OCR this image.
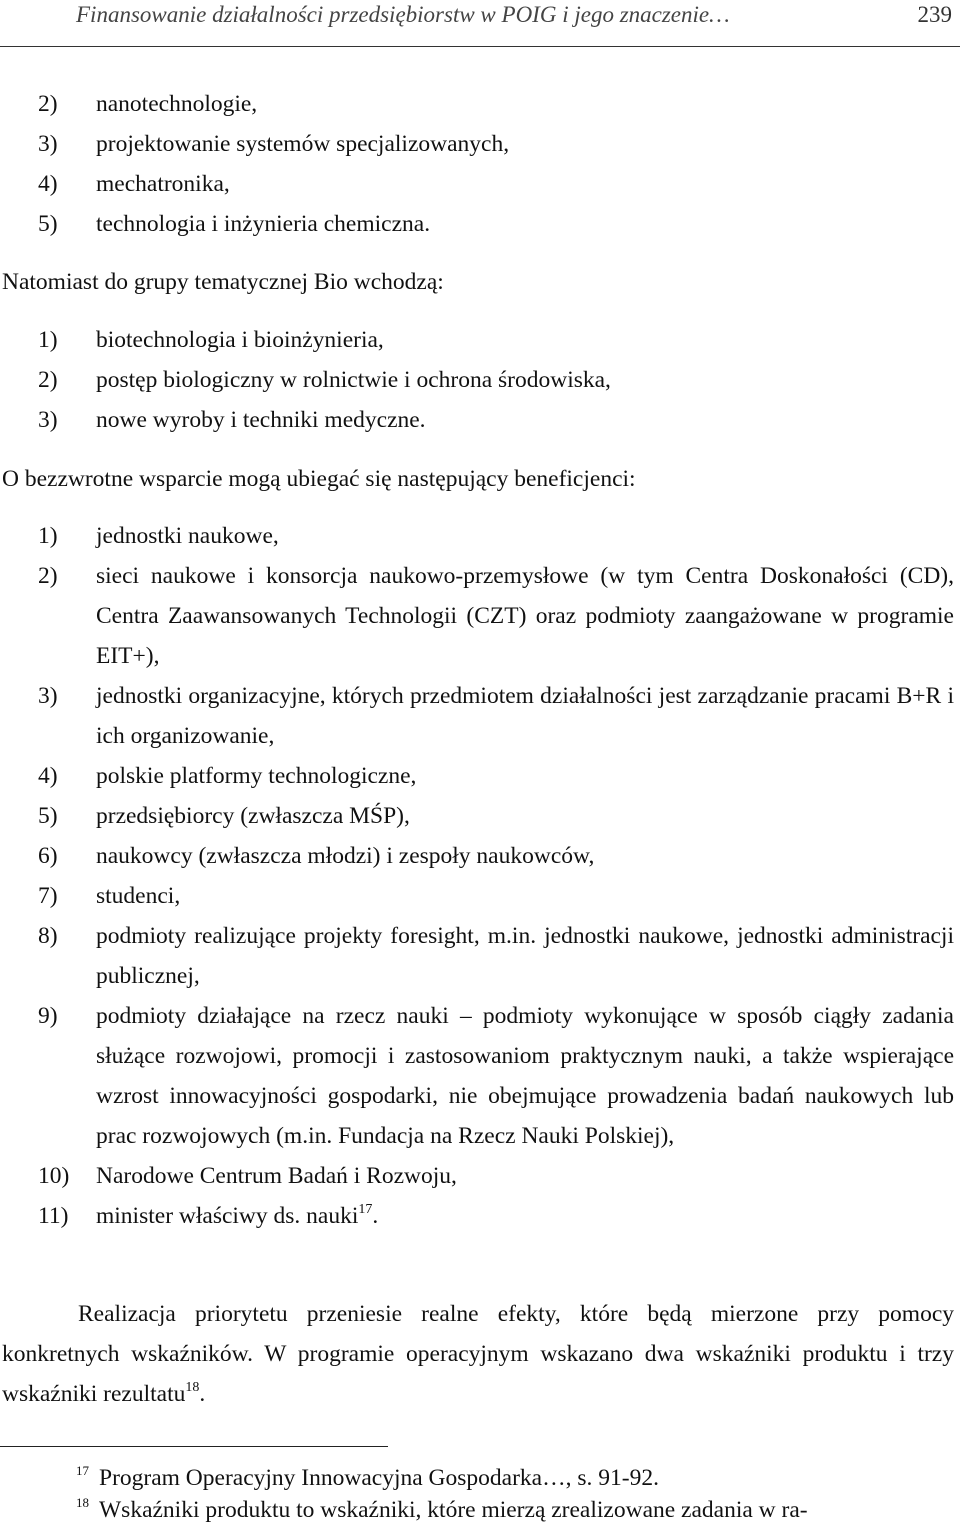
Finansowanie działalności przedsiębiorstw w POIG i jego znaczenie…	239
2) nanotechnologie,
3) projektowanie systemów specjalizowanych,
4) mechatronika,
5) technologia i inżynieria chemiczna.

Natomiast do grupy tematycznej Bio wchodzą:

1) biotechnologia i bioinżynieria,
2) postęp biologiczny w rolnictwie i ochrona środowiska,
3) nowe wyroby i techniki medyczne.

O bezzwrotne wsparcie mogą ubiegać się następujący beneficjenci:

1) jednostki naukowe,
2) sieci naukowe i konsorcja naukowo-przemysłowe (w tym Centra Doskonałości (CD), Centra Zaawansowanych Technologii (CZT) oraz podmioty zaangażowane w programie EIT+),
3) jednostki organizacyjne, których przedmiotem działalności jest zarządzanie pracami B+R i ich organizowanie,
4) polskie platformy technologiczne,
5) przedsiębiorcy (zwłaszcza MŚP),
6) naukowcy (zwłaszcza młodzi) i zespoły naukowców,
7) studenci,
8) podmioty realizujące projekty foresight, m.in. jednostki naukowe, jednostki administracji publicznej,
9) podmioty działające na rzecz nauki – podmioty wykonujące w sposób ciągły zadania służące rozwojowi, promocji i zastosowaniom praktycznym nauki, a także wspierające wzrost innowacyjności gospodarki, nie obejmujące prowadzenia badań naukowych lub prac rozwojowych (m.in. Fundacja na Rzecz Nauki Polskiej),
10) Narodowe Centrum Badań i Rozwoju,
11) minister właściwy ds. nauki$^{17}$.

Realizacja priorytetu przeniesie realne efekty, które będą mierzone przy pomocy konkretnych wskaźników. W programie operacyjnym wskazano dwa wskaźniki produktu i trzy wskaźniki rezultatu$^{18}$.

$^{17}$ Program Operacyjny Innowacyjna Gospodarka…, s. 91-92.

$^{18}$ Wskaźniki produktu to wskaźniki, które mierzą zrealizowane zadania w ra-
